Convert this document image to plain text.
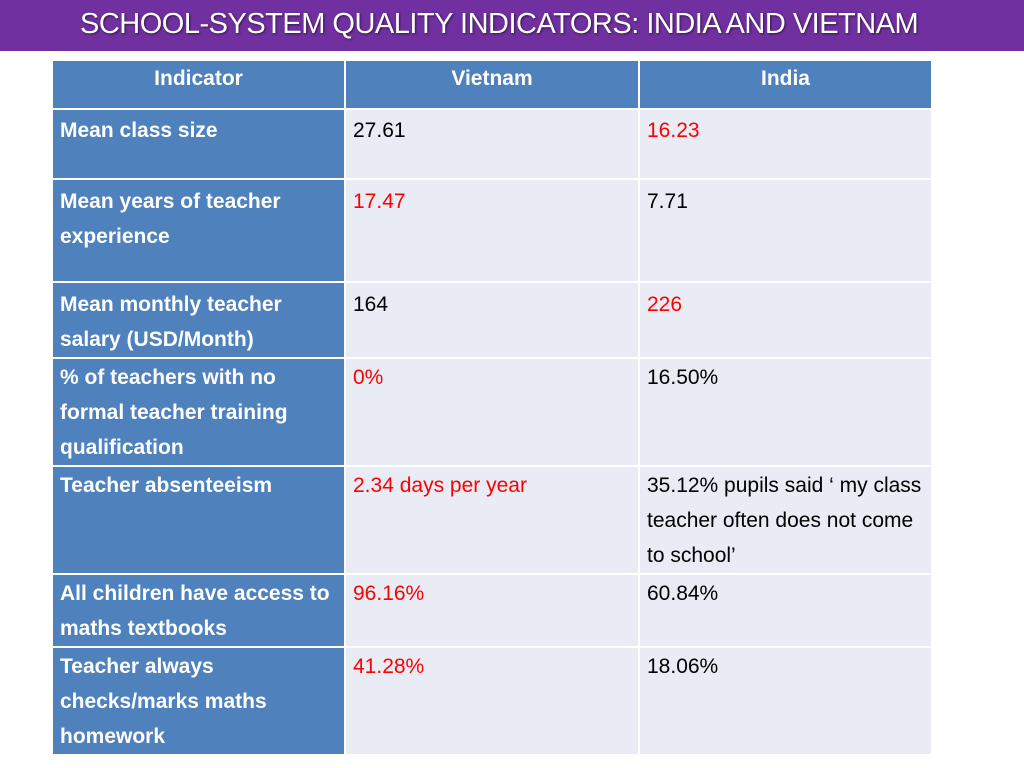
SCHOOL-SYSTEM QUALITY INDICATORS: INDIA AND VIETNAM
Indicator	Vietnam	India
Mean class size	27.61	16.23
Mean years of teacher experience	17.47	7.71
Mean monthly teacher salary (USD/Month)	164	226
% of teachers with no formal teacher training qualification	0%	16.50%
Teacher absenteeism	2.34 days per year	35.12% pupils said ‘ my class teacher often does not come to school’
All children have access to maths textbooks	96.16%	60.84%
Teacher always checks/marks maths homework	41.28%	18.06%
